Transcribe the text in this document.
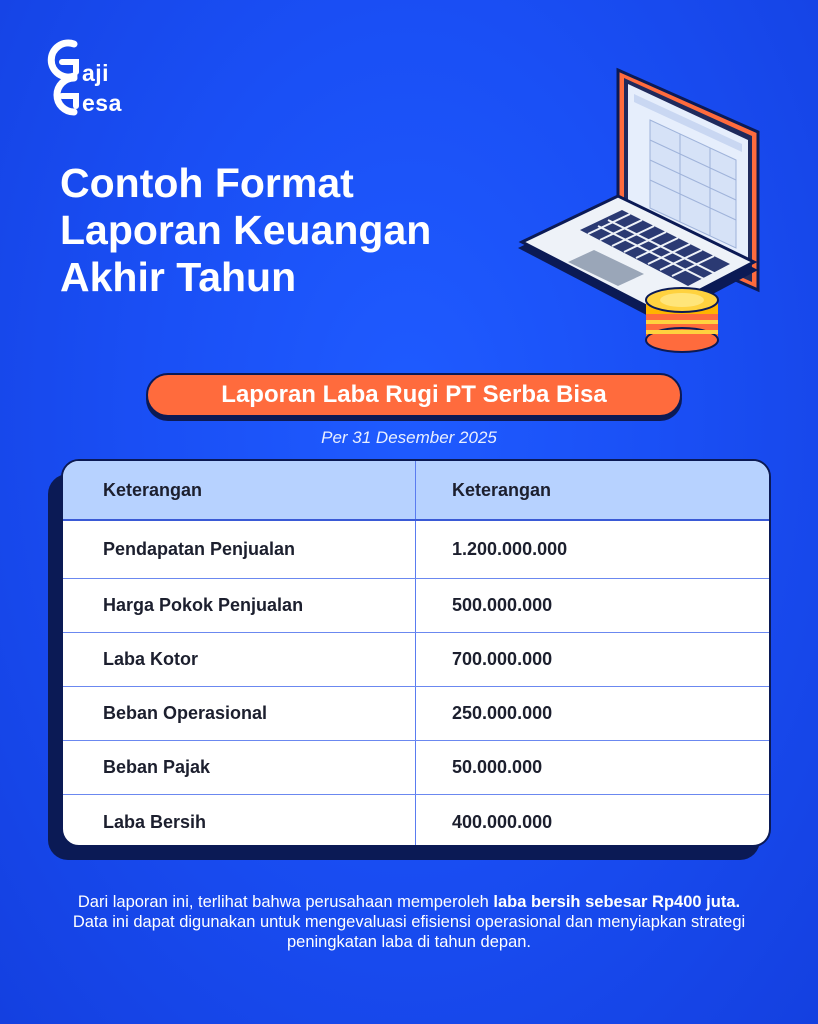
aji
esa
Contoh Format
Laporan Keuangan
Akhir Tahun
Laporan Laba Rugi PT Serba Bisa
Per 31 Desember 2025
Keterangan	Keterangan
Pendapatan Penjualan	1.200.000.000
Harga Pokok Penjualan	500.000.000
Laba Kotor	700.000.000
Beban Operasional	250.000.000
Beban Pajak	50.000.000
Laba Bersih	400.000.000

Dari laporan ini, terlihat bahwa perusahaan memperoleh laba bersih sebesar Rp400 juta. Data ini dapat digunakan untuk mengevaluasi efisiensi operasional dan menyiapkan strategi peningkatan laba di tahun depan.
